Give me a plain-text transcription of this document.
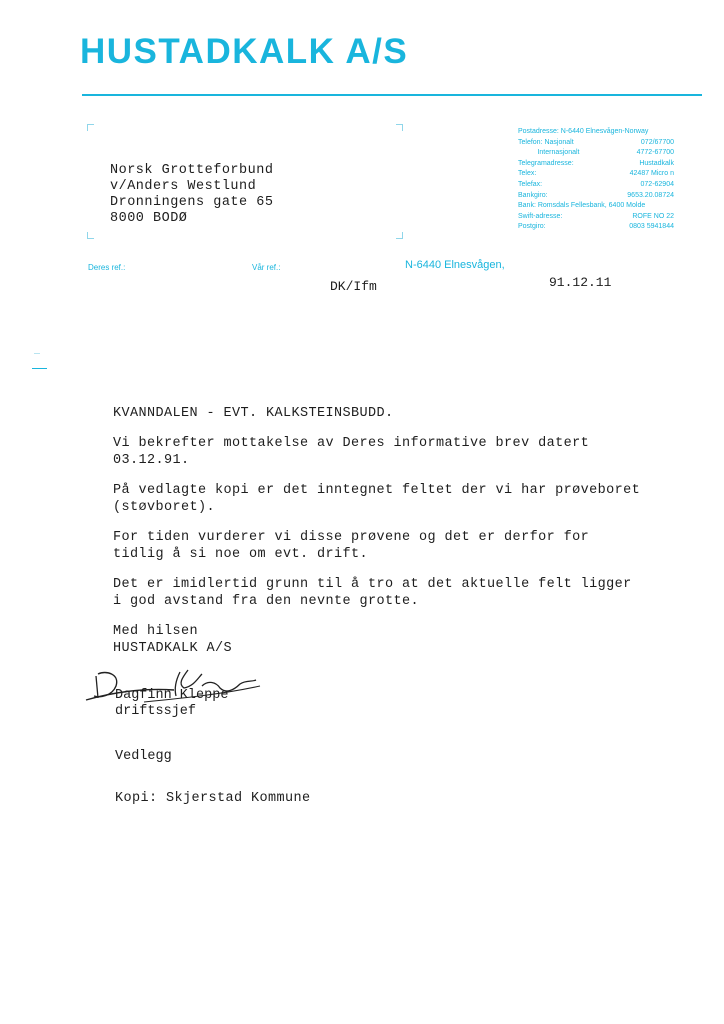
HUSTADKALK A/S
Norsk Grotteforbund
v/Anders Westlund
Dronningens gate 65
8000 BODØ
Postadresse: N-6440 Elnesvågen-Norway
Telefon: Nasjonalt	072/67700
Internasjonalt	4772-67700
Telegramadresse:	Hustadkalk
Telex:	42487 Micro n
Telefax:	072-62904
Bankgiro:	9653.20.08724
Bank: Romsdals Fellesbank, 6400 Molde
Swift-adresse:	ROFE NO 22
Postgiro:	0803 5941844
Deres ref.:	Vår ref.:	N-6440 Elnesvågen,
DK/Ifm	91.12.11
KVANNDALEN - EVT. KALKSTEINSBUDD.
Vi bekrefter mottakelse av Deres informative brev datert
03.12.91.
På vedlagte kopi er det inntegnet feltet der vi har prøveboret
(støvboret).
For tiden vurderer vi disse prøvene og det er derfor for
tidlig å si noe om evt. drift.
Det er imidlertid grunn til å tro at det aktuelle felt ligger
i god avstand fra den nevnte grotte.
Med hilsen
HUSTADKALK A/S
Dagfinn Kleppe
driftssjef
Vedlegg
Kopi: Skjerstad Kommune
